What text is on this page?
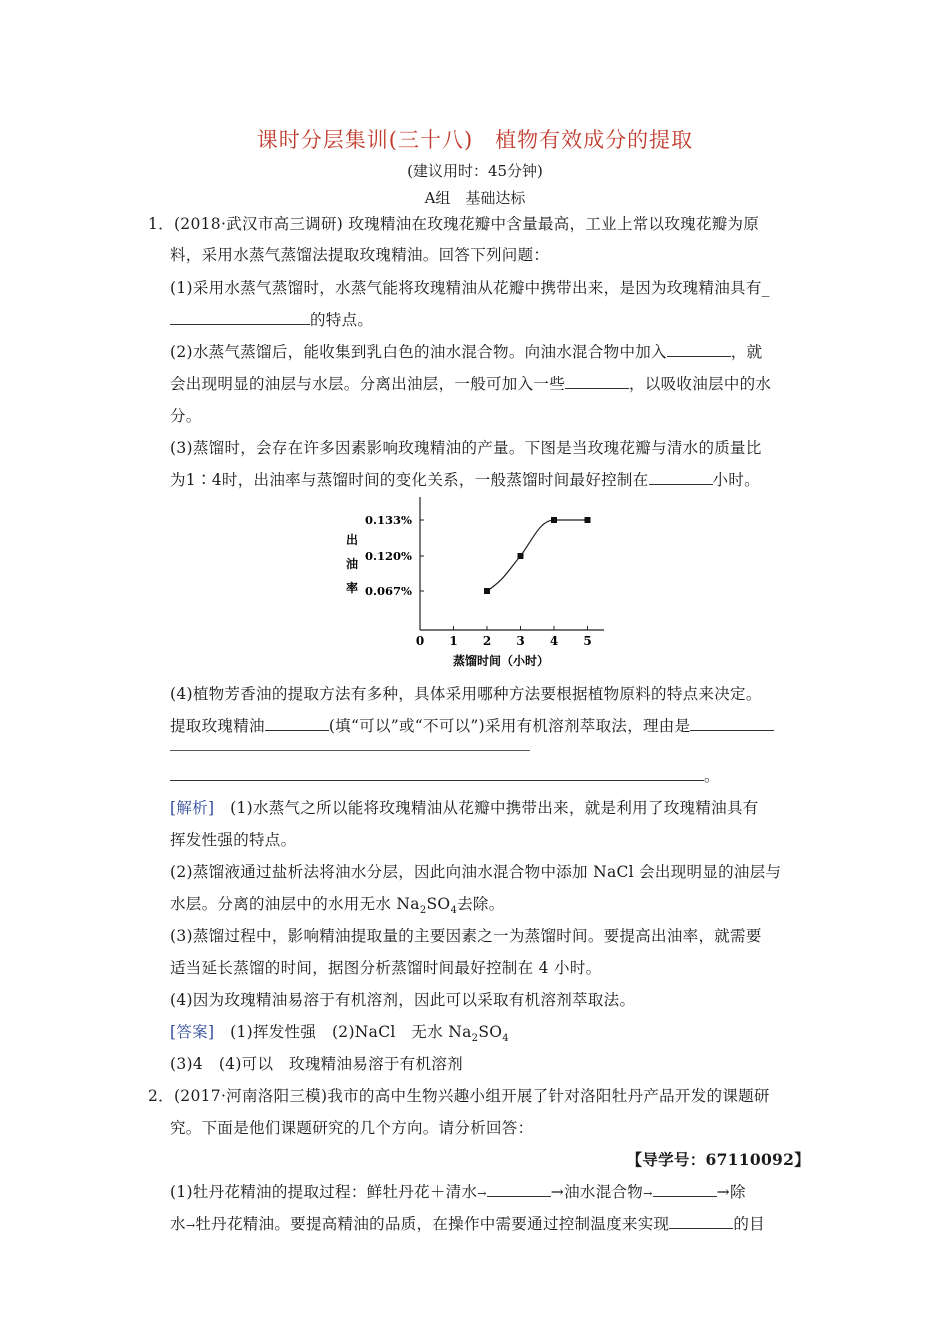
课时分层集训(三十八)　植物有效成分的提取
(建议用时：45分钟)
A组　基础达标
1．(2018·武汉市高三调研) 玫瑰精油在玫瑰花瓣中含量最高，工业上常以玫瑰花瓣为原
料，采用水蒸气蒸馏法提取玫瑰精油。回答下列问题：
(1)采用水蒸气蒸馏时，水蒸气能将玫瑰精油从花瓣中携带出来，是因为玫瑰精油具有_
的特点。
(2)水蒸气蒸馏后，能收集到乳白色的油水混合物。向油水混合物中加入	，就
会出现明显的油层与水层。分离出油层，一般可加入一些	，以吸收油层中的水
分。
(3)蒸馏时，会存在许多因素影响玫瑰精油的产量。下图是当玫瑰花瓣与清水的质量比
为1∶4时，出油率与蒸馏时间的变化关系，一般蒸馏时间最好控制在	小时。
0.133%
0.120%
0.067%
0 1 2 3 4 5
出
油
率
蒸馏时间（小时）
(4)植物芳香油的提取方法有多种，具体采用哪种方法要根据植物原料的特点来决定。
提取玫瑰精油	(填“可以”或“不可以”)采用有机溶剂萃取法，理由是
。
[解析]　(1)水蒸气之所以能将玫瑰精油从花瓣中携带出来，就是利用了玫瑰精油具有
挥发性强的特点。
(2)蒸馏液通过盐析法将油水分层，因此向油水混合物中添加 NaCl 会出现明显的油层与
水层。分离的油层中的水用无水 $Na_2SO_4$去除。
(3)蒸馏过程中，影响精油提取量的主要因素之一为蒸馏时间。要提高出油率，就需要
适当延长蒸馏的时间，据图分析蒸馏时间最好控制在 4 小时。
(4)因为玫瑰精油易溶于有机溶剂，因此可以采取有机溶剂萃取法。
[答案]　(1)挥发性强　(2)NaCl　无水 $Na_2SO_4$
(3)4　(4)可以　玫瑰精油易溶于有机溶剂
2．(2017·河南洛阳三模)我市的高中生物兴趣小组开展了针对洛阳牡丹产品开发的课题研
究。下面是他们课题研究的几个方向。请分析回答：
【导学号：67110092】
(1)牡丹花精油的提取过程：鲜牡丹花＋清水→	→油水混合物→	→除
水→牡丹花精油。要提高精油的品质，在操作中需要通过控制温度来实现	的目
